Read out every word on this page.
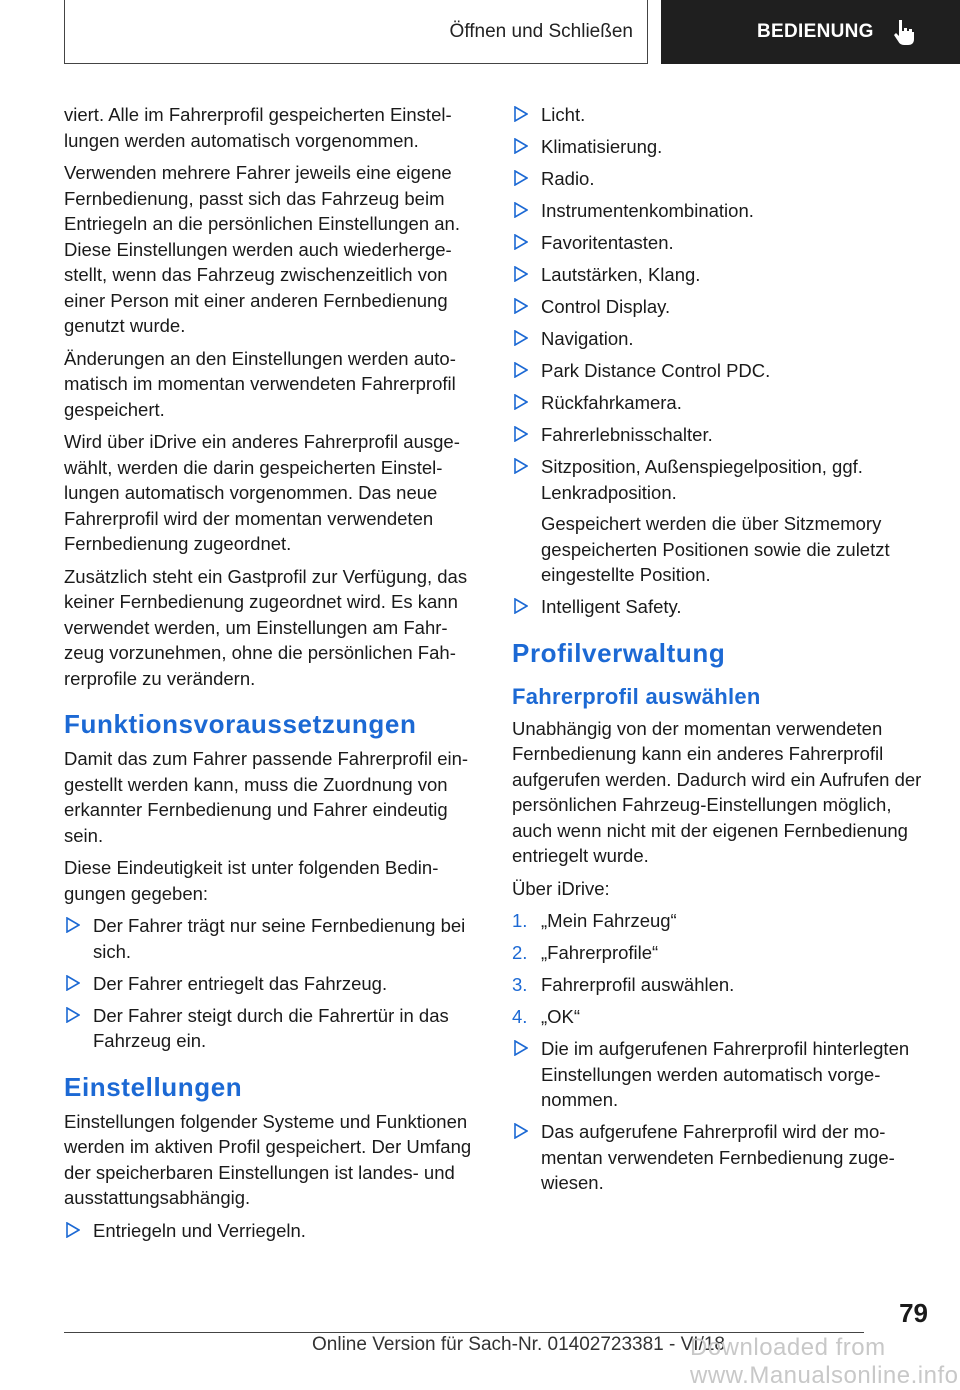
Öffnen und Schließen	BEDIENUNG

viert. Alle im Fahrerprofil gespeicherten Einstellungen werden automatisch vorgenommen.

Verwenden mehrere Fahrer jeweils eine eigene Fernbedienung, passt sich das Fahrzeug beim Entriegeln an die persönlichen Einstellungen an. Diese Einstellungen werden auch wiederhergestellt, wenn das Fahrzeug zwischenzeitlich von einer Person mit einer anderen Fernbedienung genutzt wurde.

Änderungen an den Einstellungen werden automatisch im momentan verwendeten Fahrerprofil gespeichert.

Wird über iDrive ein anderes Fahrerprofil ausgewählt, werden die darin gespeicherten Einstellungen automatisch vorgenommen. Das neue Fahrerprofil wird der momentan verwendeten Fernbedienung zugeordnet.

Zusätzlich steht ein Gastprofil zur Verfügung, das keiner Fernbedienung zugeordnet wird. Es kann verwendet werden, um Einstellungen am Fahrzeug vorzunehmen, ohne die persönlichen Fahrerprofile zu verändern.

Funktionsvoraussetzungen

Damit das zum Fahrer passende Fahrerprofil eingestellt werden kann, muss die Zuordnung von erkannter Fernbedienung und Fahrer eindeutig sein.

Diese Eindeutigkeit ist unter folgenden Bedingungen gegeben:

Der Fahrer trägt nur seine Fernbedienung bei sich.
Der Fahrer entriegelt das Fahrzeug.
Der Fahrer steigt durch die Fahrertür in das Fahrzeug ein.
Einstellungen

Einstellungen folgender Systeme und Funktionen werden im aktiven Profil gespeichert. Der Umfang der speicherbaren Einstellungen ist landes- und ausstattungsabhängig.

Entriegeln und Verriegeln.
Licht.
Klimatisierung.
Radio.
Instrumentenkombination.
Favoritentasten.
Lautstärken, Klang.
Control Display.
Navigation.
Park Distance Control PDC.
Rückfahrkamera.
Fahrerlebnisschalter.
Sitzposition, Außenspiegelposition, ggf. Lenkradposition.
Gespeichert werden die über Sitzmemory gespeicherten Positionen sowie die zuletzt eingestellte Position.
Intelligent Safety.
Profilverwaltung
Fahrerprofil auswählen

Unabhängig von der momentan verwendeten Fernbedienung kann ein anderes Fahrerprofil aufgerufen werden. Dadurch wird ein Aufrufen der persönlichen Fahrzeug-Einstellungen möglich, auch wenn nicht mit der eigenen Fernbedienung entriegelt wurde.

Über iDrive:

1. „Mein Fahrzeug“
2. „Fahrerprofile“
3. Fahrerprofil auswählen.
4. „OK“
Die im aufgerufenen Fahrerprofil hinterlegten Einstellungen werden automatisch vorgenommen.
Das aufgerufene Fahrerprofil wird der momentan verwendeten Fernbedienung zugewiesen.
79
Online Version für Sach-Nr. 01402723381 - VI/18
Downloaded from www.Manualsonline.info
